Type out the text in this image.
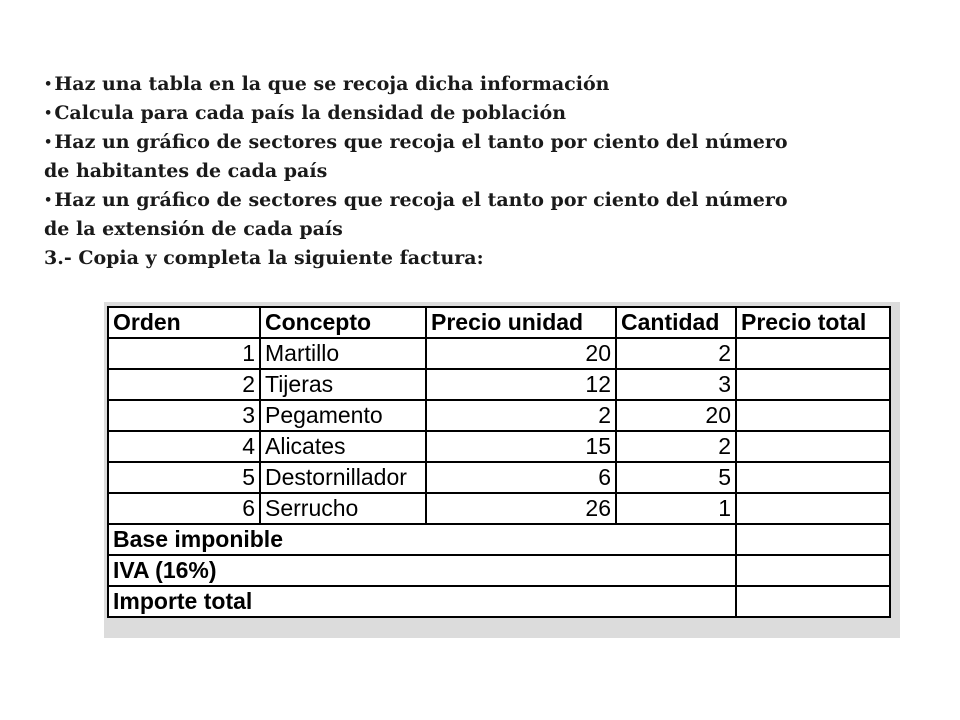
• Haz una tabla en la que se recoja dicha información
• Calcula para cada país la densidad de población
• Haz un gráfico de sectores que recoja el tanto por ciento del número
de habitantes de cada país
• Haz un gráfico de sectores que recoja el tanto por ciento del número
de la extensión de cada país
3.- Copia y completa la siguiente factura:
Orden	Concepto	Precio unidad	Cantidad	Precio total
1	Martillo	20	2	
2	Tijeras	12	3	
3	Pegamento	2	20	
4	Alicates	15	2	
5	Destornillador	6	5	
6	Serrucho	26	1	
Base imponible				
IVA (16%)				
Importe total				
